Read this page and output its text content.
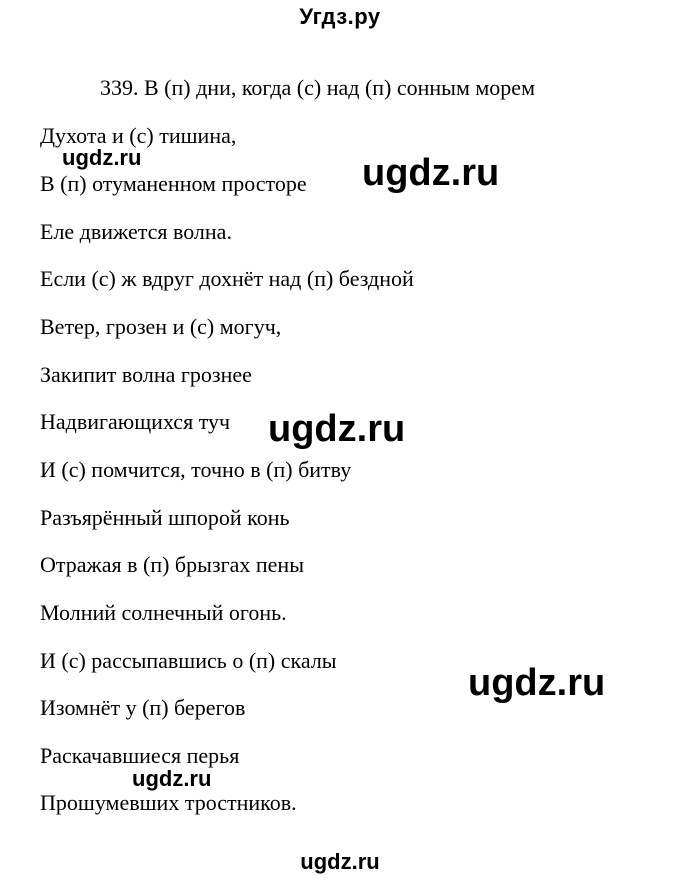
Угдз.ру
339. В (п) дни, когда (с) над (п) сонным морем
Духота и (с) тишина,
В (п) отуманенном просторе
Еле движется волна.
Если (с) ж вдруг дохнёт над (п) бездной
Ветер, грозен и (с) могуч,
Закипит волна грознее
Надвигающихся туч
И (с) помчится, точно в (п) битву
Разъярённый шпорой конь
Отражая в (п) брызгах пены
Молний солнечный огонь.
И (с) рассыпавшись о (п) скалы
Изомнёт у (п) берегов
Раскачавшиеся перья
Прошумевших тростников.
ugdz.ru	ugdz.ru
ugdz.ru
ugdz.ru
ugdz.ru
ugdz.ru
